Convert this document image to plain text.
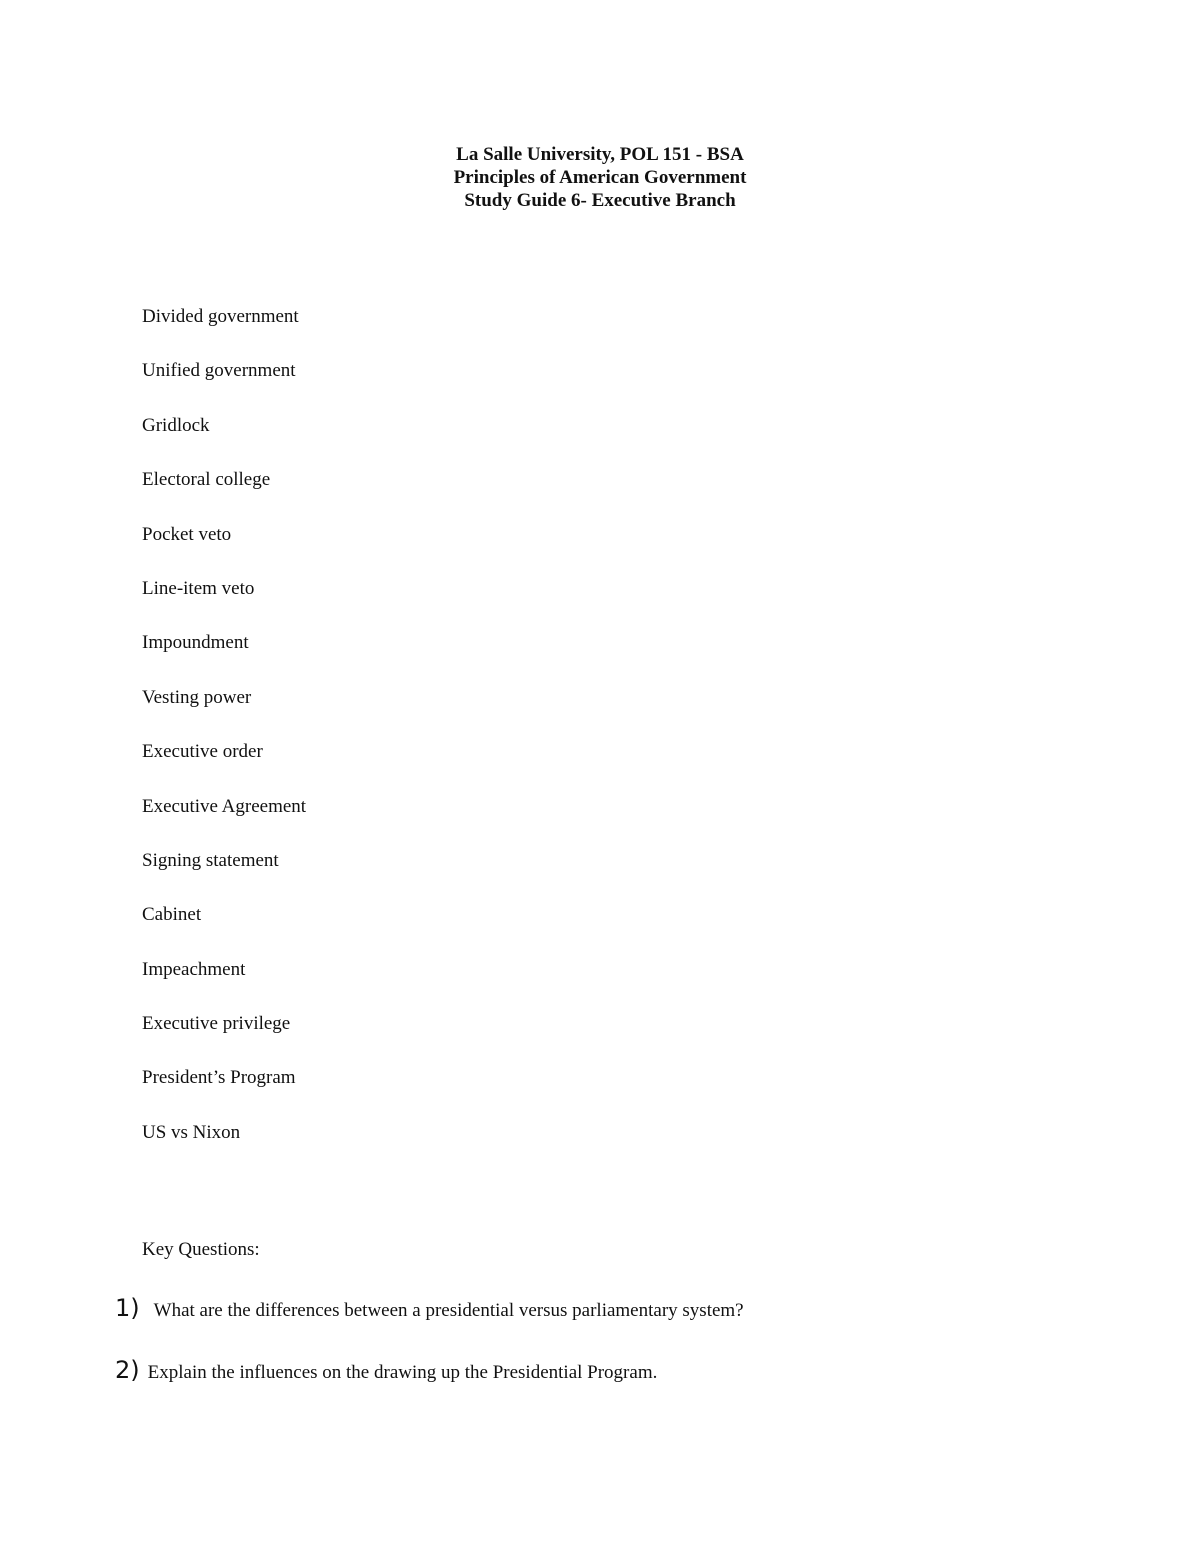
La Salle University, POL 151 - BSA
Principles of American Government
Study Guide 6- Executive Branch
Divided government
Unified government
Gridlock
Electoral college
Pocket veto
Line-item veto
Impoundment
Vesting power
Executive order
Executive Agreement
Signing statement
Cabinet
Impeachment
Executive privilege
President’s Program
US vs Nixon
Key Questions:
1) What are the differences between a presidential versus parliamentary system?
2) Explain the influences on the drawing up the Presidential Program.
